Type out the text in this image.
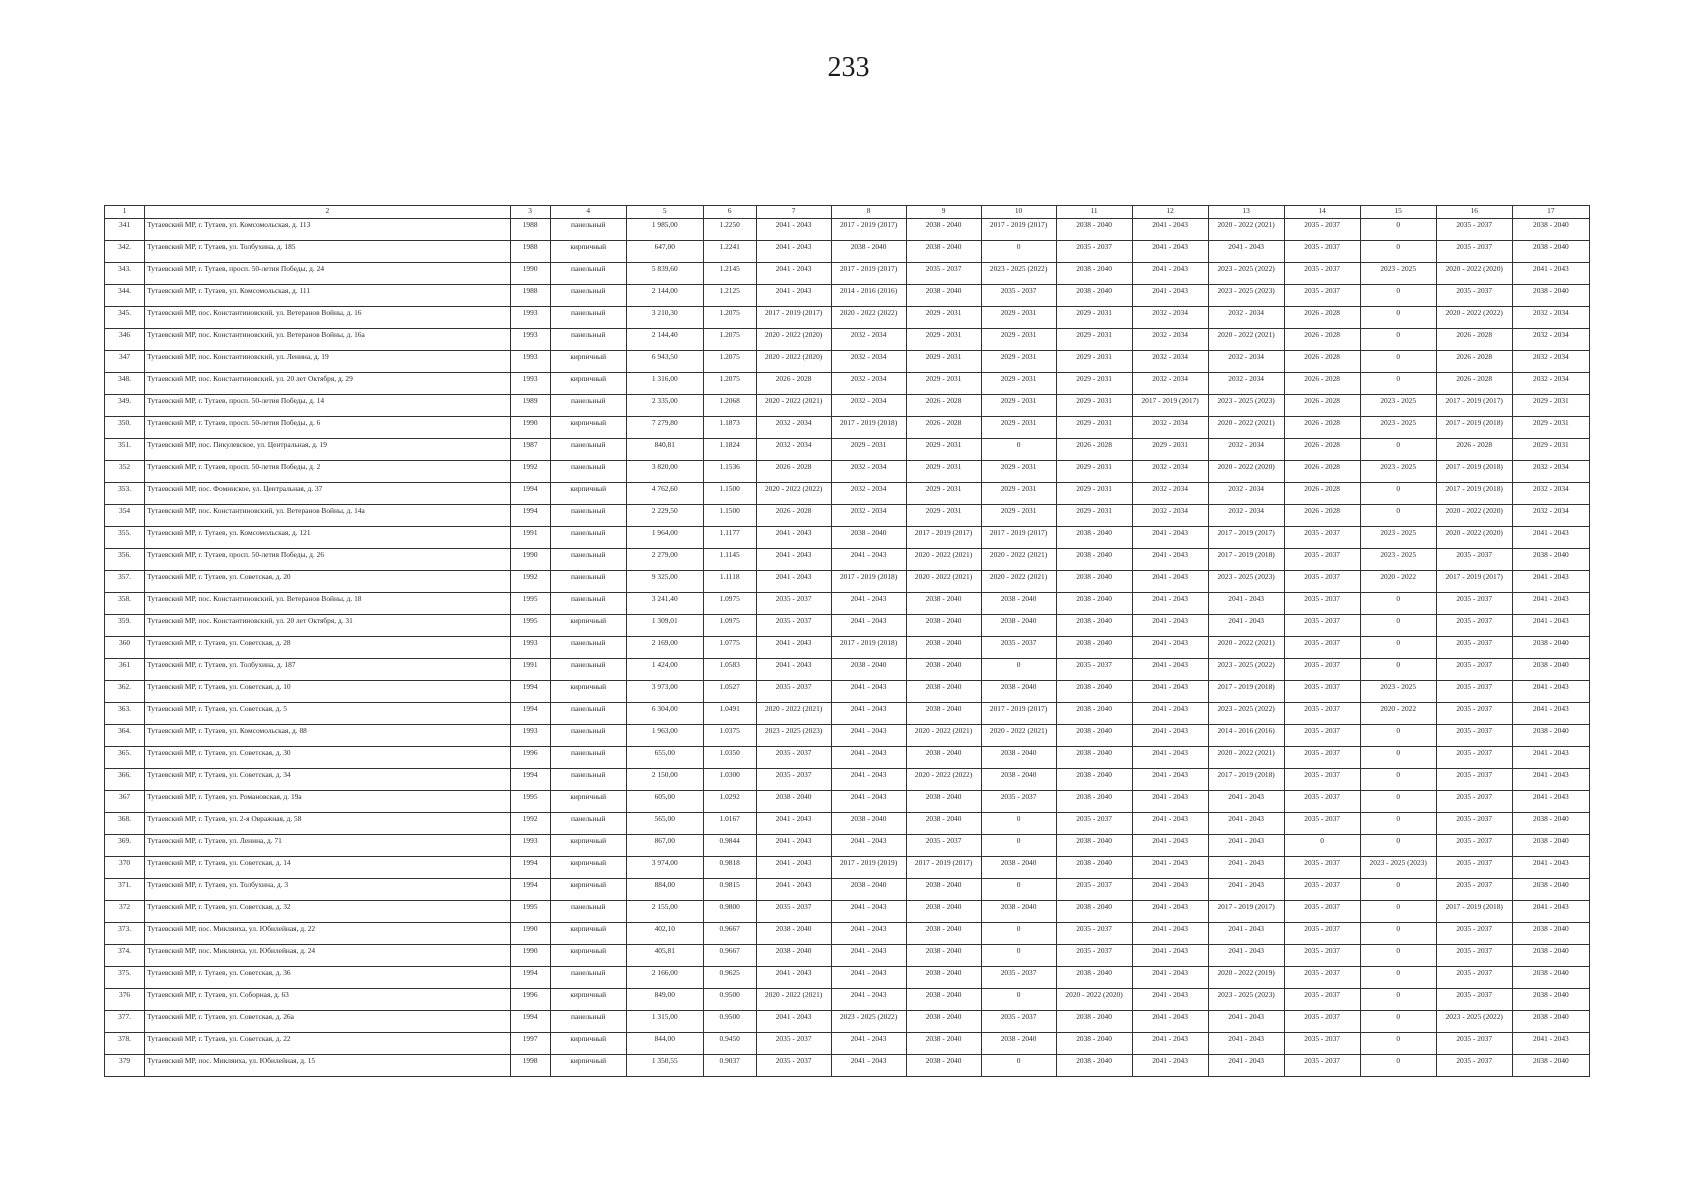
233
1	2	3	4	5	6	7	8	9	10	11	12	13	14	15	16	17
341	Тутаевский МР, г. Тутаев, ул. Комсомольская, д. 113	1988	панельный	1 985,00	1.2250	2041 - 2043	2017 - 2019 (2017)	2038 - 2040	2017 - 2019 (2017)	2038 - 2040	2041 - 2043	2020 - 2022 (2021)	2035 - 2037	0	2035 - 2037	2038 - 2040
342.	Тутаевский МР, г. Тутаев, ул. Толбухина, д. 185	1988	кирпичный	647,00	1.2241	2041 - 2043	2038 - 2040	2038 - 2040	0	2035 - 2037	2041 - 2043	2041 - 2043	2035 - 2037	0	2035 - 2037	2038 - 2040
343.	Тутаевский МР, г. Тутаев, просп. 50-летия Победы, д. 24	1990	панельный	5 839,60	1.2145	2041 - 2043	2017 - 2019 (2017)	2035 - 2037	2023 - 2025 (2022)	2038 - 2040	2041 - 2043	2023 - 2025 (2022)	2035 - 2037	2023 - 2025	2020 - 2022 (2020)	2041 - 2043
344.	Тутаевский МР, г. Тутаев, ул. Комсомольская, д. 111	1988	панельный	2 144,00	1.2125	2041 - 2043	2014 - 2016 (2016)	2038 - 2040	2035 - 2037	2038 - 2040	2041 - 2043	2023 - 2025 (2023)	2035 - 2037	0	2035 - 2037	2038 - 2040
345.	Тутаевский МР, пос. Константиновский, ул. Ветеранов Войны, д. 16	1993	панельный	3 210,30	1.2075	2017 - 2019 (2017)	2020 - 2022 (2022)	2029 - 2031	2029 - 2031	2029 - 2031	2032 - 2034	2032 - 2034	2026 - 2028	0	2020 - 2022 (2022)	2032 - 2034
346	Тутаевский МР, пос. Константиновский, ул. Ветеранов Войны, д. 16а	1993	панельный	2 144,40	1.2075	2020 - 2022 (2020)	2032 - 2034	2029 - 2031	2029 - 2031	2029 - 2031	2032 - 2034	2020 - 2022 (2021)	2026 - 2028	0	2026 - 2028	2032 - 2034
347	Тутаевский МР, пос. Константиновский, ул. Ленина, д. 19	1993	кирпичный	6 943,50	1.2075	2020 - 2022 (2020)	2032 - 2034	2029 - 2031	2029 - 2031	2029 - 2031	2032 - 2034	2032 - 2034	2026 - 2028	0	2026 - 2028	2032 - 2034
348.	Тутаевский МР, пос. Константиновский, ул. 20 лет Октября, д. 29	1993	кирпичный	1 316,00	1.2075	2026 - 2028	2032 - 2034	2029 - 2031	2029 - 2031	2029 - 2031	2032 - 2034	2032 - 2034	2026 - 2028	0	2026 - 2028	2032 - 2034
349.	Тутаевский МР, г. Тутаев, просп. 50-летия Победы, д. 14	1989	панельный	2 335,00	1.2068	2020 - 2022 (2021)	2032 - 2034	2026 - 2028	2029 - 2031	2029 - 2031	2017 - 2019 (2017)	2023 - 2025 (2023)	2026 - 2028	2023 - 2025	2017 - 2019 (2017)	2029 - 2031
350.	Тутаевский МР, г. Тутаев, просп. 50-летия Победы, д. 6	1990	кирпичный	7 279,80	1.1873	2032 - 2034	2017 - 2019 (2018)	2026 - 2028	2029 - 2031	2029 - 2031	2032 - 2034	2020 - 2022 (2021)	2026 - 2028	2023 - 2025	2017 - 2019 (2018)	2029 - 2031
351.	Тутаевский МР, пос. Пикулевское, ул. Центральная, д. 19	1987	панельный	840,81	1.1824	2032 - 2034	2029 - 2031	2029 - 2031	0	2026 - 2028	2029 - 2031	2032 - 2034	2026 - 2028	0	2026 - 2028	2029 - 2031
352	Тутаевский МР, г. Тутаев, просп. 50-летия Победы, д. 2	1992	панельный	3 820,00	1.1536	2026 - 2028	2032 - 2034	2029 - 2031	2029 - 2031	2029 - 2031	2032 - 2034	2020 - 2022 (2020)	2026 - 2028	2023 - 2025	2017 - 2019 (2018)	2032 - 2034
353.	Тутаевский МР, пос. Фоминское, ул. Центральная, д. 37	1994	кирпичный	4 762,60	1.1500	2020 - 2022 (2022)	2032 - 2034	2029 - 2031	2029 - 2031	2029 - 2031	2032 - 2034	2032 - 2034	2026 - 2028	0	2017 - 2019 (2018)	2032 - 2034
354	Тутаевский МР, пос. Константиновский, ул. Ветеранов Войны, д. 14а	1994	панельный	2 229,50	1.1500	2026 - 2028	2032 - 2034	2029 - 2031	2029 - 2031	2029 - 2031	2032 - 2034	2032 - 2034	2026 - 2028	0	2020 - 2022 (2020)	2032 - 2034
355.	Тутаевский МР, г. Тутаев, ул. Комсомольская, д. 121	1991	панельный	1 964,00	1.1177	2041 - 2043	2038 - 2040	2017 - 2019 (2017)	2017 - 2019 (2017)	2038 - 2040	2041 - 2043	2017 - 2019 (2017)	2035 - 2037	2023 - 2025	2020 - 2022 (2020)	2041 - 2043
356.	Тутаевский МР, г. Тутаев, просп. 50-летия Победы, д. 26	1990	панельный	2 279,00	1.1145	2041 - 2043	2041 - 2043	2020 - 2022 (2021)	2020 - 2022 (2021)	2038 - 2040	2041 - 2043	2017 - 2019 (2018)	2035 - 2037	2023 - 2025	2035 - 2037	2038 - 2040
357.	Тутаевский МР, г. Тутаев, ул. Советская, д. 20	1992	панельный	9 325,00	1.1118	2041 - 2043	2017 - 2019 (2018)	2020 - 2022 (2021)	2020 - 2022 (2021)	2038 - 2040	2041 - 2043	2023 - 2025 (2023)	2035 - 2037	2020 - 2022	2017 - 2019 (2017)	2041 - 2043
358.	Тутаевский МР, пос. Константиновский, ул. Ветеранов Войны, д. 18	1995	панельный	3 241,40	1.0975	2035 - 2037	2041 - 2043	2038 - 2040	2038 - 2040	2038 - 2040	2041 - 2043	2041 - 2043	2035 - 2037	0	2035 - 2037	2041 - 2043
359.	Тутаевский МР, пос. Константиновский, ул. 20 лет Октября, д. 31	1995	кирпичный	1 309,01	1.0975	2035 - 2037	2041 - 2043	2038 - 2040	2038 - 2040	2038 - 2040	2041 - 2043	2041 - 2043	2035 - 2037	0	2035 - 2037	2041 - 2043
360	Тутаевский МР, г. Тутаев, ул. Советская, д. 28	1993	панельный	2 169,00	1.0775	2041 - 2043	2017 - 2019 (2018)	2038 - 2040	2035 - 2037	2038 - 2040	2041 - 2043	2020 - 2022 (2021)	2035 - 2037	0	2035 - 2037	2038 - 2040
361	Тутаевский МР, г. Тутаев, ул. Толбухина, д. 187	1991	панельный	1 424,00	1.0583	2041 - 2043	2038 - 2040	2038 - 2040	0	2035 - 2037	2041 - 2043	2023 - 2025 (2022)	2035 - 2037	0	2035 - 2037	2038 - 2040
362.	Тутаевский МР, г. Тутаев, ул. Советская, д. 10	1994	кирпичный	3 973,00	1.0527	2035 - 2037	2041 - 2043	2038 - 2040	2038 - 2040	2038 - 2040	2041 - 2043	2017 - 2019 (2018)	2035 - 2037	2023 - 2025	2035 - 2037	2041 - 2043
363.	Тутаевский МР, г. Тутаев, ул. Советская, д. 5	1994	панельный	6 304,00	1.0491	2020 - 2022 (2021)	2041 - 2043	2038 - 2040	2017 - 2019 (2017)	2038 - 2040	2041 - 2043	2023 - 2025 (2022)	2035 - 2037	2020 - 2022	2035 - 2037	2041 - 2043
364.	Тутаевский МР, г. Тутаев, ул. Комсомольская, д. 88	1993	панельный	1 963,00	1.0375	2023 - 2025 (2023)	2041 - 2043	2020 - 2022 (2021)	2020 - 2022 (2021)	2038 - 2040	2041 - 2043	2014 - 2016 (2016)	2035 - 2037	0	2035 - 2037	2038 - 2040
365.	Тутаевский МР, г. Тутаев, ул. Советская, д. 30	1996	панельный	655,00	1.0350	2035 - 2037	2041 - 2043	2038 - 2040	2038 - 2040	2038 - 2040	2041 - 2043	2020 - 2022 (2021)	2035 - 2037	0	2035 - 2037	2041 - 2043
366.	Тутаевский МР, г. Тутаев, ул. Советская, д. 34	1994	панельный	2 150,00	1.0300	2035 - 2037	2041 - 2043	2020 - 2022 (2022)	2038 - 2040	2038 - 2040	2041 - 2043	2017 - 2019 (2018)	2035 - 2037	0	2035 - 2037	2041 - 2043
367	Тутаевский МР, г. Тутаев, ул. Романовская, д. 19а	1995	кирпичный	605,00	1.0292	2038 - 2040	2041 - 2043	2038 - 2040	2035 - 2037	2038 - 2040	2041 - 2043	2041 - 2043	2035 - 2037	0	2035 - 2037	2041 - 2043
368.	Тутаевский МР, г. Тутаев, ул. 2-я Овражная, д. 58	1992	панельный	565,00	1.0167	2041 - 2043	2038 - 2040	2038 - 2040	0	2035 - 2037	2041 - 2043	2041 - 2043	2035 - 2037	0	2035 - 2037	2038 - 2040
369.	Тутаевский МР, г. Тутаев, ул. Ленина, д. 71	1993	кирпичный	867,00	0.9844	2041 - 2043	2041 - 2043	2035 - 2037	0	2038 - 2040	2041 - 2043	2041 - 2043	0	0	2035 - 2037	2038 - 2040
370	Тутаевский МР, г. Тутаев, ул. Советская, д. 14	1994	кирпичный	3 974,00	0.9818	2041 - 2043	2017 - 2019 (2019)	2017 - 2019 (2017)	2038 - 2040	2038 - 2040	2041 - 2043	2041 - 2043	2035 - 2037	2023 - 2025 (2023)	2035 - 2037	2041 - 2043
371.	Тутаевский МР, г. Тутаев, ул. Толбухина, д. 3	1994	кирпичный	884,00	0.9815	2041 - 2043	2038 - 2040	2038 - 2040	0	2035 - 2037	2041 - 2043	2041 - 2043	2035 - 2037	0	2035 - 2037	2038 - 2040
372	Тутаевский МР, г. Тутаев, ул. Советская, д. 32	1995	панельный	2 155,00	0.9800	2035 - 2037	2041 - 2043	2038 - 2040	2038 - 2040	2038 - 2040	2041 - 2043	2017 - 2019 (2017)	2035 - 2037	0	2017 - 2019 (2018)	2041 - 2043
373.	Тутаевский МР, пос. Микляиха, ул. Юбилейная, д. 22	1990	кирпичный	402,10	0.9667	2038 - 2040	2041 - 2043	2038 - 2040	0	2035 - 2037	2041 - 2043	2041 - 2043	2035 - 2037	0	2035 - 2037	2038 - 2040
374.	Тутаевский МР, пос. Микляиха, ул. Юбилейная, д. 24	1990	кирпичный	405,81	0.9667	2038 - 2040	2041 - 2043	2038 - 2040	0	2035 - 2037	2041 - 2043	2041 - 2043	2035 - 2037	0	2035 - 2037	2038 - 2040
375.	Тутаевский МР, г. Тутаев, ул. Советская, д. 36	1994	панельный	2 166,00	0.9625	2041 - 2043	2041 - 2043	2038 - 2040	2035 - 2037	2038 - 2040	2041 - 2043	2020 - 2022 (2019)	2035 - 2037	0	2035 - 2037	2038 - 2040
376	Тутаевский МР, г. Тутаев, ул. Соборная, д. 63	1996	кирпичный	849,00	0.9500	2020 - 2022 (2021)	2041 - 2043	2038 - 2040	0	2020 - 2022 (2020)	2041 - 2043	2023 - 2025 (2023)	2035 - 2037	0	2035 - 2037	2038 - 2040
377.	Тутаевский МР, г. Тутаев, ул. Советская, д. 26а	1994	панельный	1 315,00	0.9500	2041 - 2043	2023 - 2025 (2022)	2038 - 2040	2035 - 2037	2038 - 2040	2041 - 2043	2041 - 2043	2035 - 2037	0	2023 - 2025 (2022)	2038 - 2040
378.	Тутаевский МР, г. Тутаев, ул. Советская, д. 22	1997	кирпичный	844,00	0.9450	2035 - 2037	2041 - 2043	2038 - 2040	2038 - 2040	2038 - 2040	2041 - 2043	2041 - 2043	2035 - 2037	0	2035 - 2037	2041 - 2043
379	Тутаевский МР, пос. Микляиха, ул. Юбилейная, д. 15	1998	кирпичный	1 350,55	0.9037	2035 - 2037	2041 - 2043	2038 - 2040	0	2038 - 2040	2041 - 2043	2041 - 2043	2035 - 2037	0	2035 - 2037	2038 - 2040
